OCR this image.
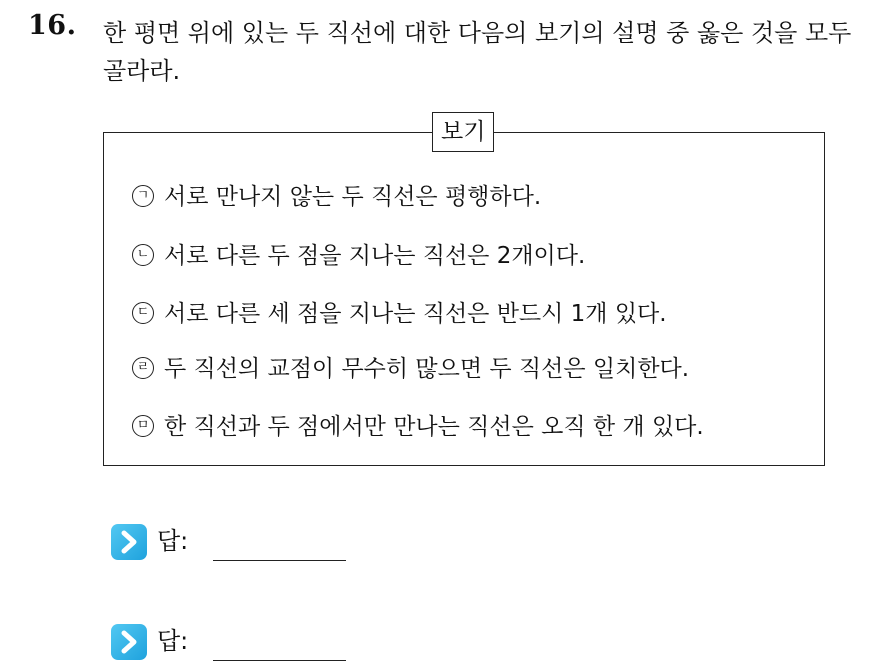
16. 한 평면 위에 있는 두 직선에 대한 다음의 보기의 설명 중 옳은 것을 모두 골라라.
보기
ㄱ 서로 만나지 않는 두 직선은 평행하다.
ㄴ 서로 다른 두 점을 지나는 직선은 2개이다.
ㄷ 서로 다른 세 점을 지나는 직선은 반드시 1개 있다.
ㄹ 두 직선의 교점이 무수히 많으면 두 직선은 일치한다.
ㅁ 한 직선과 두 점에서만 만나는 직선은 오직 한 개 있다.
답:
답:
